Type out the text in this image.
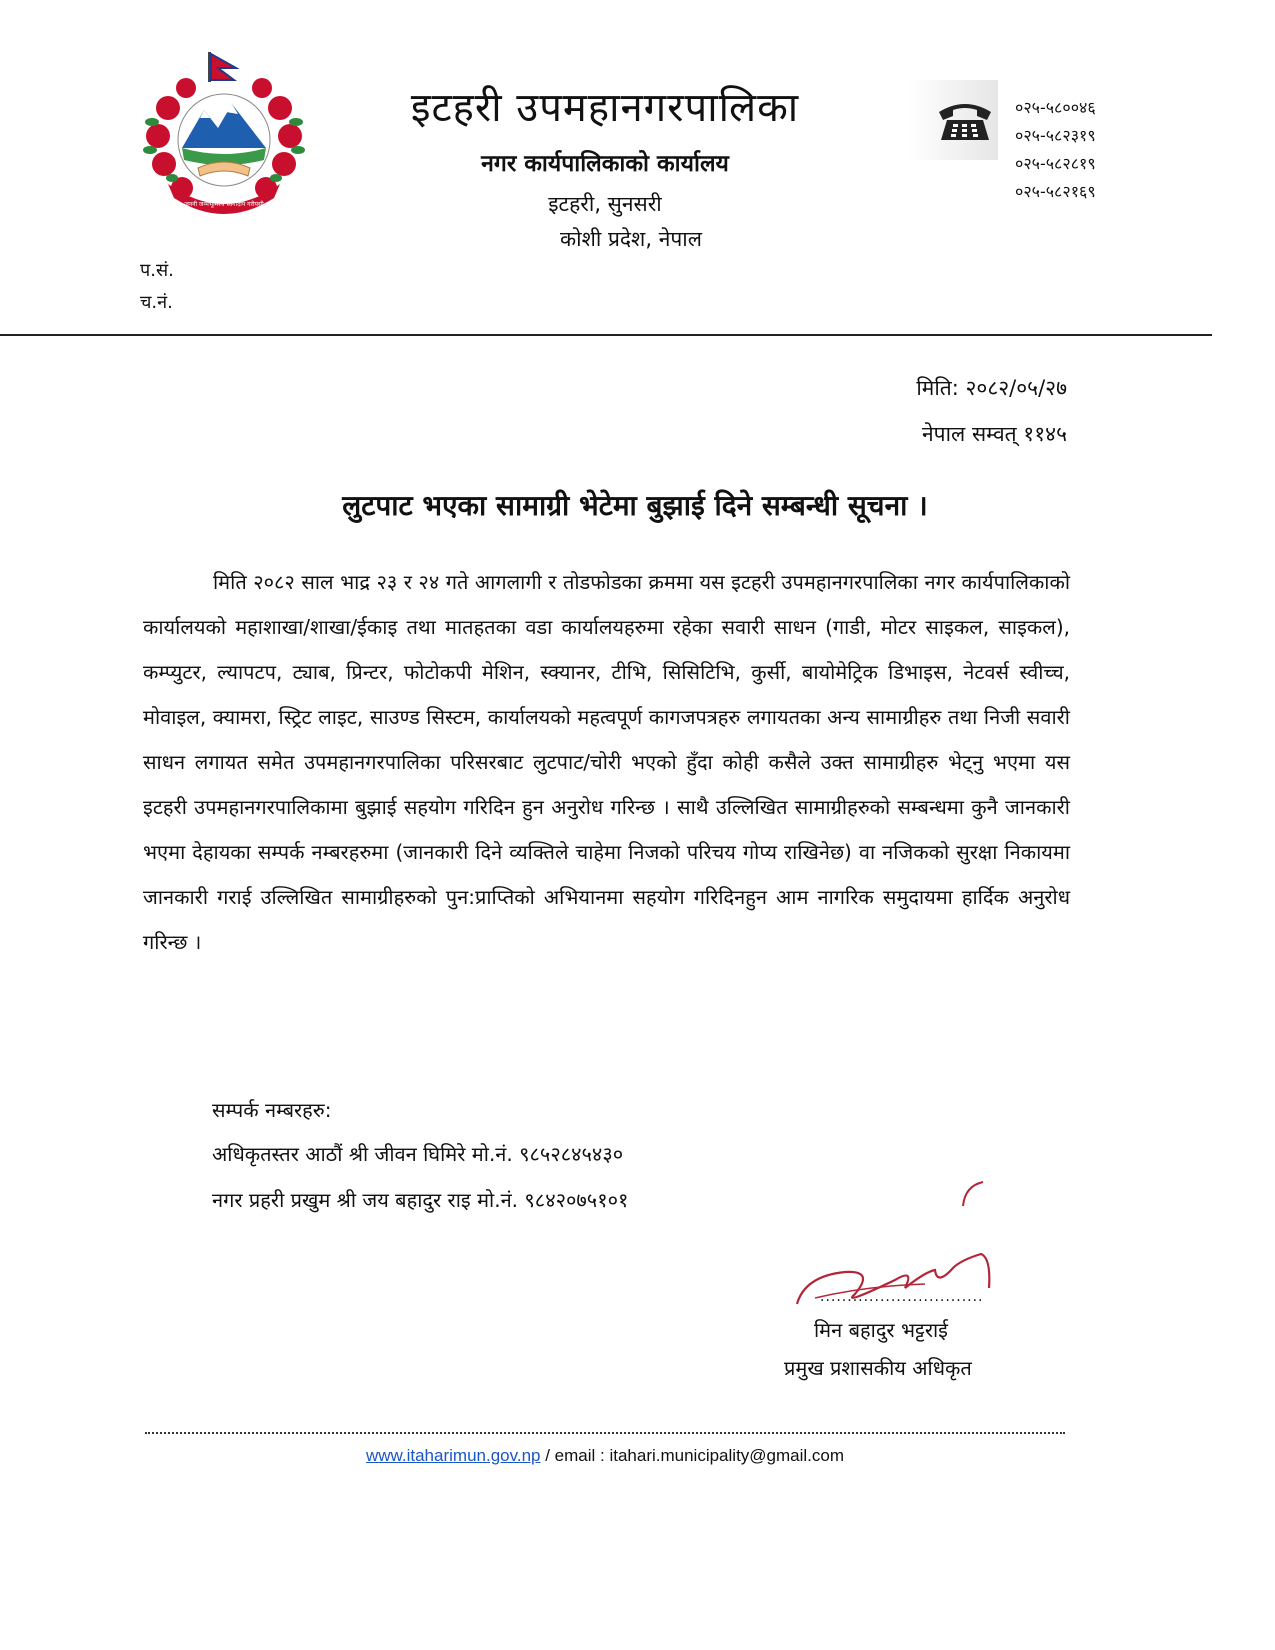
जननी जन्मभूमिश्च स्वर्गादपि गरीयसी
इटहरी उपमहानगरपालिका
नगर कार्यपालिकाको कार्यालय
इटहरी, सुनसरी
कोशी प्रदेश, नेपाल
०२५-५८००४६
०२५-५८२३१९
०२५-५८२८१९
०२५-५८२१६९
प.सं.
च.नं.
मिति: २०८२/०५/२७
नेपाल सम्वत् ११४५
लुटपाट भएका सामाग्री भेटेमा बुझाई दिने सम्बन्धी सूचना ।

मिति २०८२ साल भाद्र २३ र २४ गते आगलागी र तोडफोडका क्रममा यस इटहरी उपमहानगरपालिका नगर कार्यपालिकाको कार्यालयको महाशाखा/शाखा/ईकाइ तथा मातहतका वडा कार्यालयहरुमा रहेका सवारी साधन (गाडी, मोटर साइकल, साइकल), कम्प्युटर, ल्यापटप, ट्याब, प्रिन्टर, फोटोकपी मेशिन, स्क्यानर, टीभि, सिसिटिभि, कुर्सी, बायोमेट्रिक डिभाइस, नेटवर्स स्वीच्च, मोवाइल, क्यामरा, स्ट्रिट लाइट, साउण्ड सिस्टम, कार्यालयको महत्वपूर्ण कागजपत्रहरु लगायतका अन्य सामाग्रीहरु तथा निजी सवारी साधन लगायत समेत उपमहानगरपालिका परिसरबाट लुटपाट/चोरी भएको हुँदा कोही कसैले उक्त सामाग्रीहरु भेट्नु भएमा यस इटहरी उपमहानगरपालिकामा बुझाई सहयोग गरिदिन हुन अनुरोध गरिन्छ । साथै उल्लिखित सामाग्रीहरुको सम्बन्धमा कुनै जानकारी भएमा देहायका सम्पर्क नम्बरहरुमा (जानकारी दिने व्यक्तिले चाहेमा निजको परिचय गोप्य राखिनेछ) वा नजिकको सुरक्षा निकायमा जानकारी गराई उल्लिखित सामाग्रीहरुको पुन:प्राप्तिको अभियानमा सहयोग गरिदिनहुन आम नागरिक समुदायमा हार्दिक अनुरोध गरिन्छ ।

सम्पर्क नम्बरहरु:
अधिकृतस्तर आठौं श्री जीवन घिमिरे मो.नं. ९८५२८४५४३०
नगर प्रहरी प्रखुम श्री जय बहादुर राइ मो.नं. ९८४२०७५१०१
..............................
मिन बहादुर भट्टराई
प्रमुख प्रशासकीय अधिकृत
www.itaharimun.gov.np / email : itahari.municipality@gmail.com
